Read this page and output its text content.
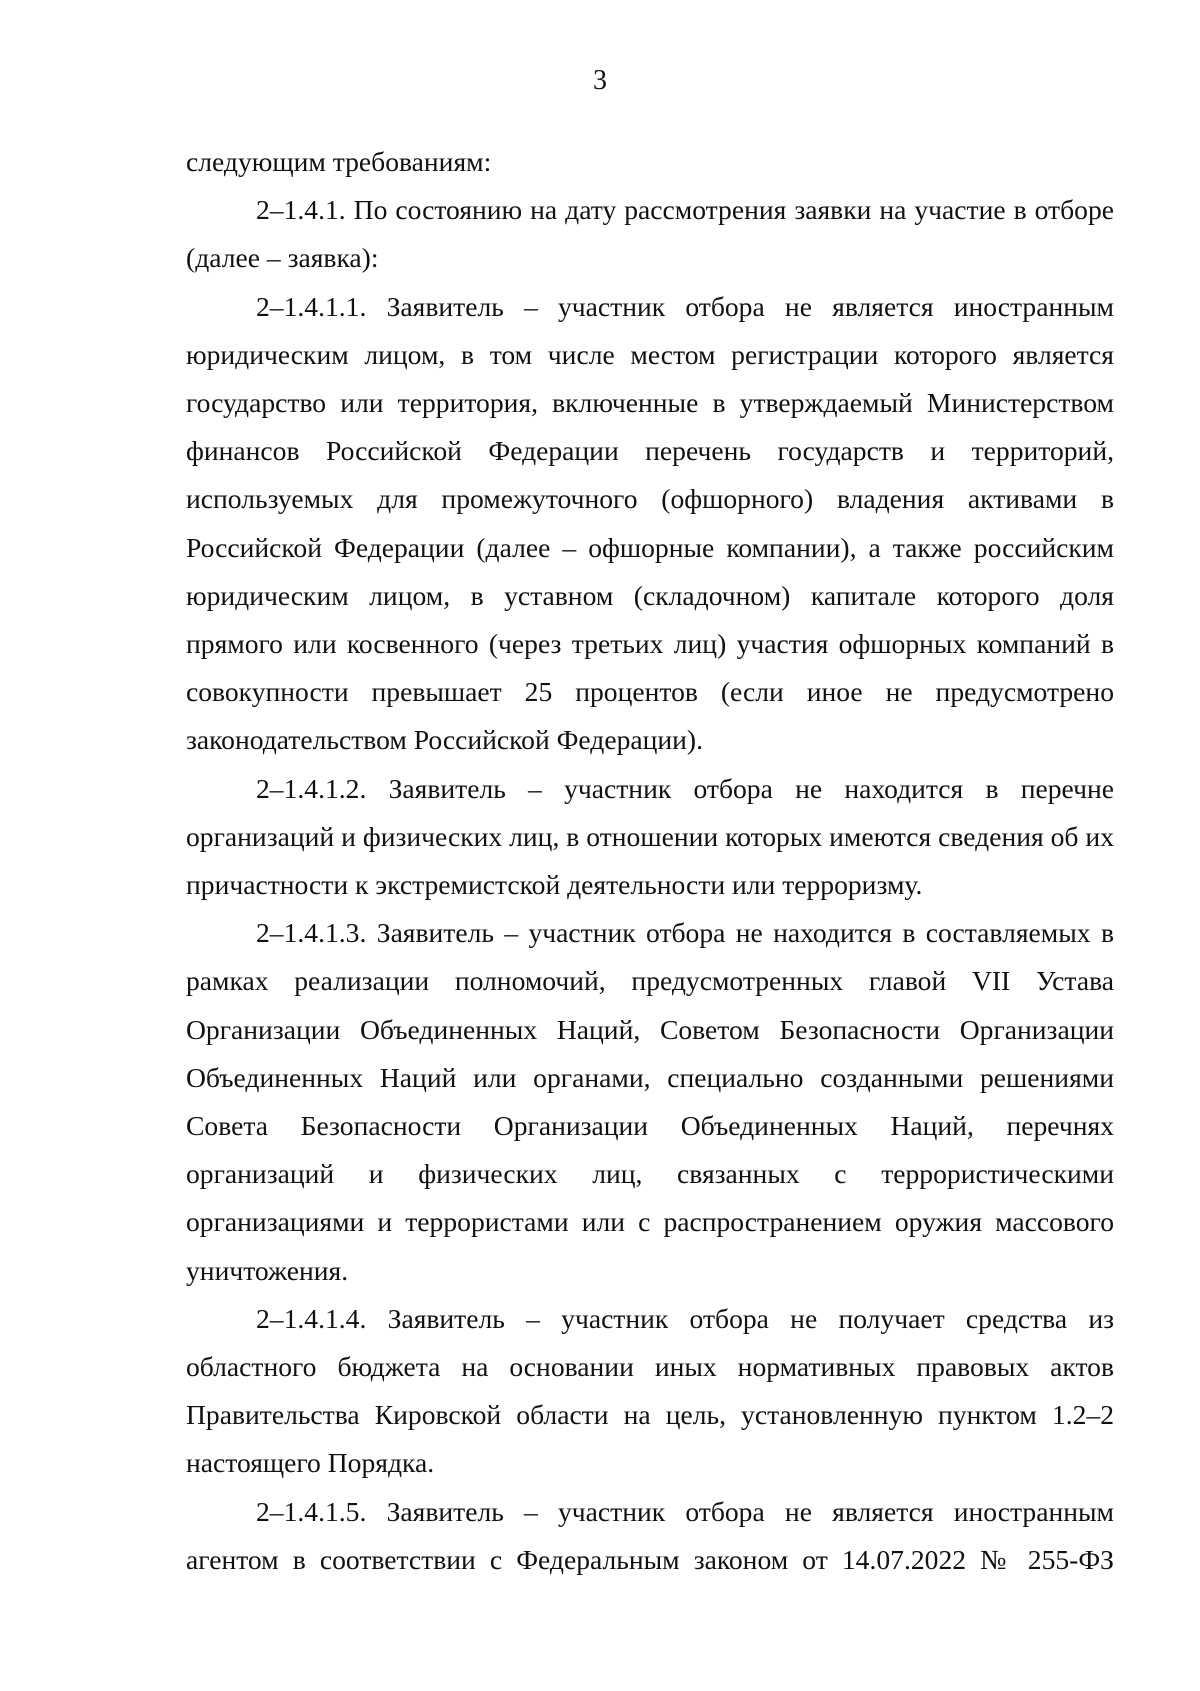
3

следующим требованиям:

2–1.4.1. По состоянию на дату рассмотрения заявки на участие в отборе (далее – заявка):

2–1.4.1.1. Заявитель – участник отбора не является иностранным юридическим лицом, в том числе местом регистрации которого является государство или территория, включенные в утверждаемый Министерством финансов Российской Федерации перечень государств и территорий, используемых для промежуточного (офшорного) владения активами в Российской Федерации (далее – офшорные компании), а также российским юридическим лицом, в уставном (складочном) капитале которого доля прямого или косвенного (через третьих лиц) участия офшорных компаний в совокупности превышает 25 процентов (если иное не предусмотрено законодательством Российской Федерации).

2–1.4.1.2. Заявитель – участник отбора не находится в перечне организаций и физических лиц, в отношении которых имеются сведения об их причастности к экстремистской деятельности или терроризму.

2–1.4.1.3. Заявитель – участник отбора не находится в составляемых в рамках реализации полномочий, предусмотренных главой VII Устава Организации Объединенных Наций, Советом Безопасности Организации Объединенных Наций или органами, специально созданными решениями Совета Безопасности Организации Объединенных Наций, перечнях организаций и физических лиц, связанных с террористическими организациями и террористами или с распространением оружия массового уничтожения.

2–1.4.1.4. Заявитель – участник отбора не получает средства из областного бюджета на основании иных нормативных правовых актов Правительства Кировской области на цель, установленную пунктом 1.2–2 настоящего Порядка.

2–1.4.1.5. Заявитель – участник отбора не является иностранным агентом в соответствии с Федеральным законом от 14.07.2022 № 255-ФЗ
